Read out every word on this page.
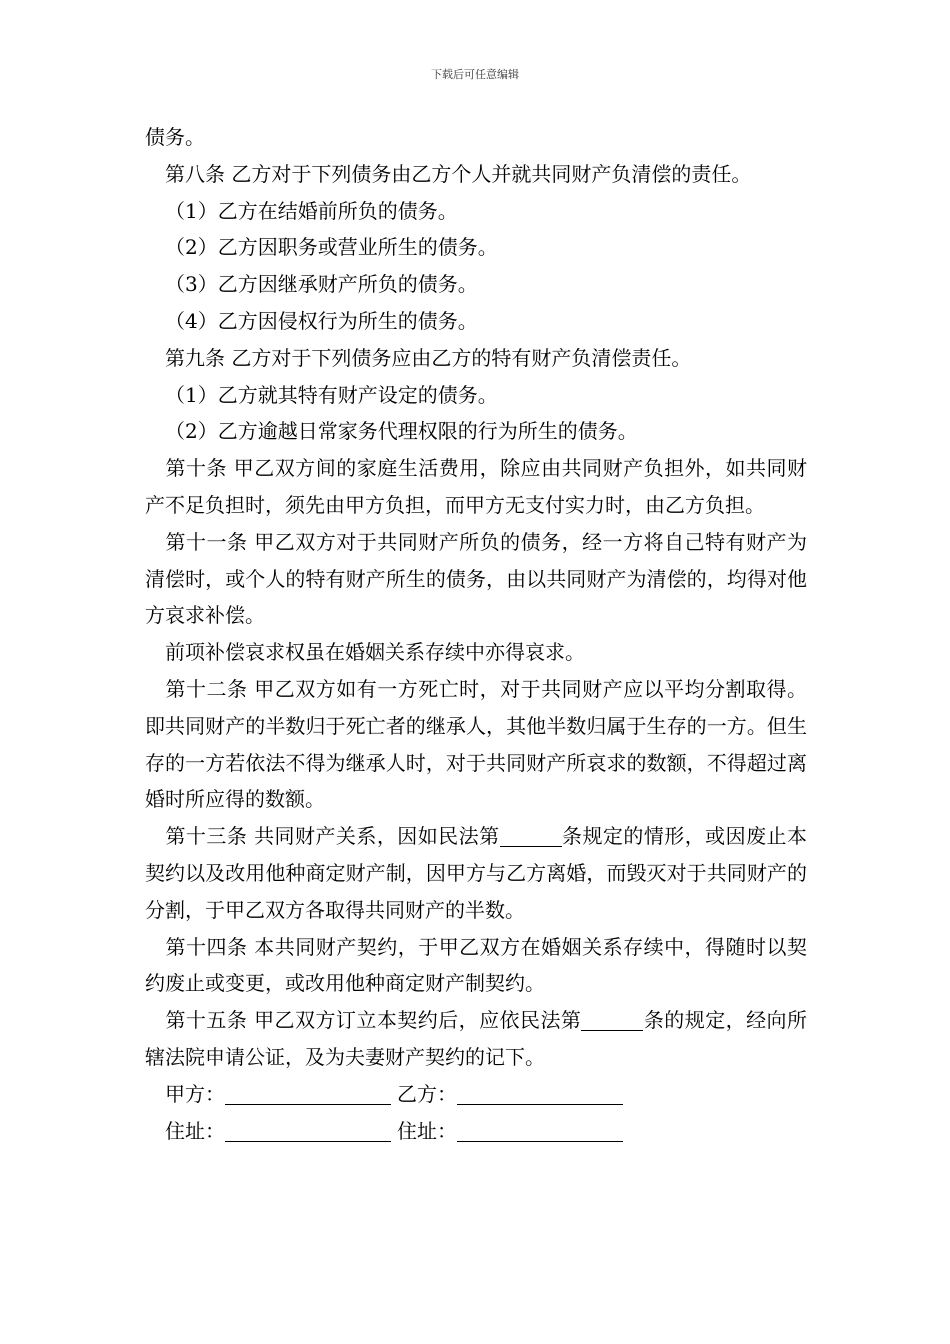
下载后可任意编辑

债务。

第八条 乙方对于下列债务由乙方个人并就共同财产负清偿的责任。

（1）乙方在结婚前所负的债务。

（2）乙方因职务或营业所生的债务。

（3）乙方因继承财产所负的债务。

（4）乙方因侵权行为所生的债务。

第九条 乙方对于下列债务应由乙方的特有财产负清偿责任。

（1）乙方就其特有财产设定的债务。

（2）乙方逾越日常家务代理权限的行为所生的债务。

第十条 甲乙双方间的家庭生活费用，除应由共同财产负担外，如共同财产不足负担时，须先由甲方负担，而甲方无支付实力时，由乙方负担。

第十一条 甲乙双方对于共同财产所负的债务，经一方将自己特有财产为清偿时，或个人的特有财产所生的债务，由以共同财产为清偿的，均得对他方哀求补偿。

前项补偿哀求权虽在婚姻关系存续中亦得哀求。

第十二条 甲乙双方如有一方死亡时，对于共同财产应以平均分割取得。即共同财产的半数归于死亡者的继承人，其他半数归属于生存的一方。但生存的一方若依法不得为继承人时，对于共同财产所哀求的数额，不得超过离婚时所应得的数额。

第十三条 共同财产关系，因如民法第	条规定的情形，或因废止本契约以及改用他种商定财产制，因甲方与乙方离婚，而毁灭对于共同财产的分割，于甲乙双方各取得共同财产的半数。

第十四条 本共同财产契约，于甲乙双方在婚姻关系存续中，得随时以契约废止或变更，或改用他种商定财产制契约。

第十五条 甲乙双方订立本契约后，应依民法第	条的规定，经向所辖法院申请公证，及为夫妻财产契约的记下。

甲方：	乙方：

住址：	住址：
